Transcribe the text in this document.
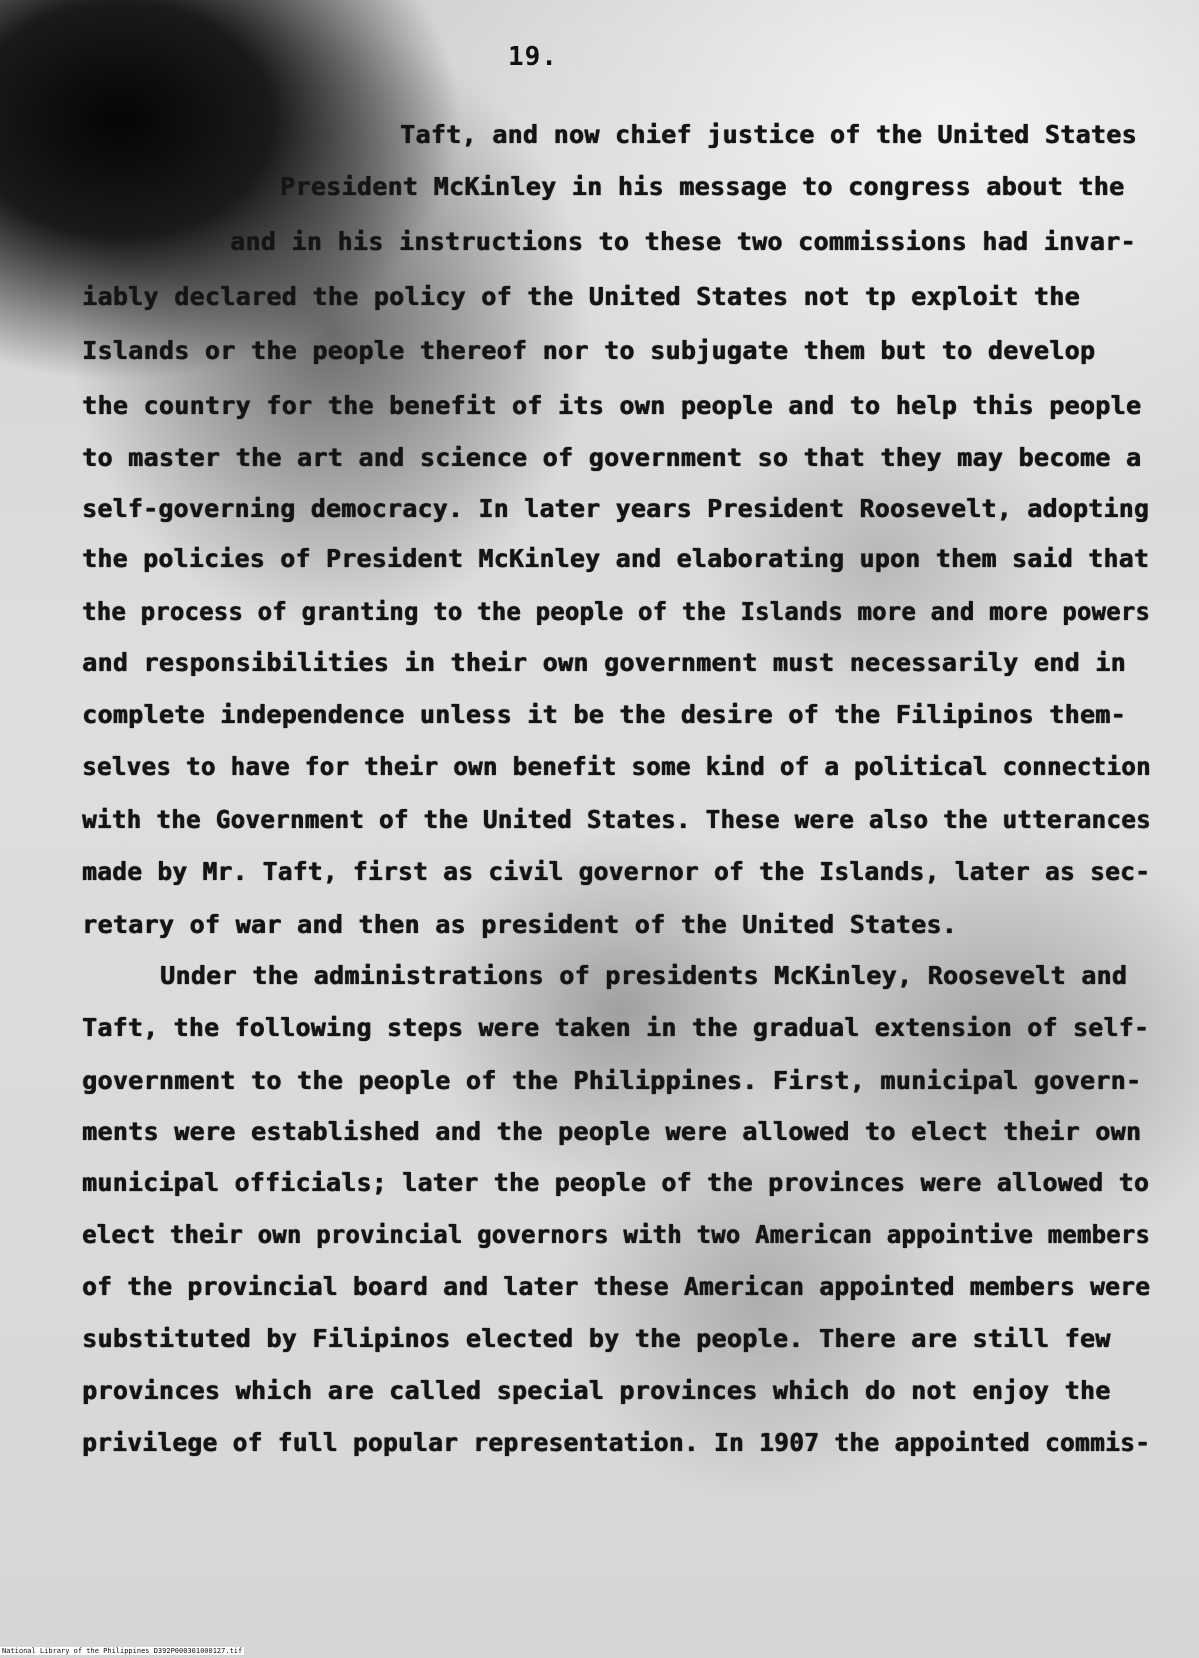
19.
Taft, and now chief justice of the United States
President McKinley in his message to congress about the
and in his instructions to these two commissions had invar-
iably declared the policy of the United States not tp exploit the
Islands or the people thereof nor to subjugate them but to develop
the country for the benefit of its own people and to help this people
to master the art and science of government so that they may become a
self-governing democracy. In later years President Roosevelt, adopting
the policies of President McKinley and elaborating upon them said that
the process of granting to the people of the Islands more and more powers
and responsibilities in their own government must necessarily end in
complete independence unless it be the desire of the Filipinos them-
selves to have for their own benefit some kind of a political connection
with the Government of the United States. These were also the utterances
made by Mr. Taft, first as civil governor of the Islands, later as sec-
retary of war and then as president of the United States.
Under the administrations of presidents McKinley, Roosevelt and
Taft, the following steps were taken in the gradual extension of self-
government to the people of the Philippines. First, municipal govern-
ments were established and the people were allowed to elect their own
municipal officials; later the people of the provinces were allowed to
elect their own provincial governors with two American appointive members
of the provincial board and later these American appointed members were
substituted by Filipinos elected by the people. There are still few
provinces which are called special provinces which do not enjoy the
privilege of full popular representation. In 1907 the appointed commis-
National Library of the Philippines D392P000301000127.tif
